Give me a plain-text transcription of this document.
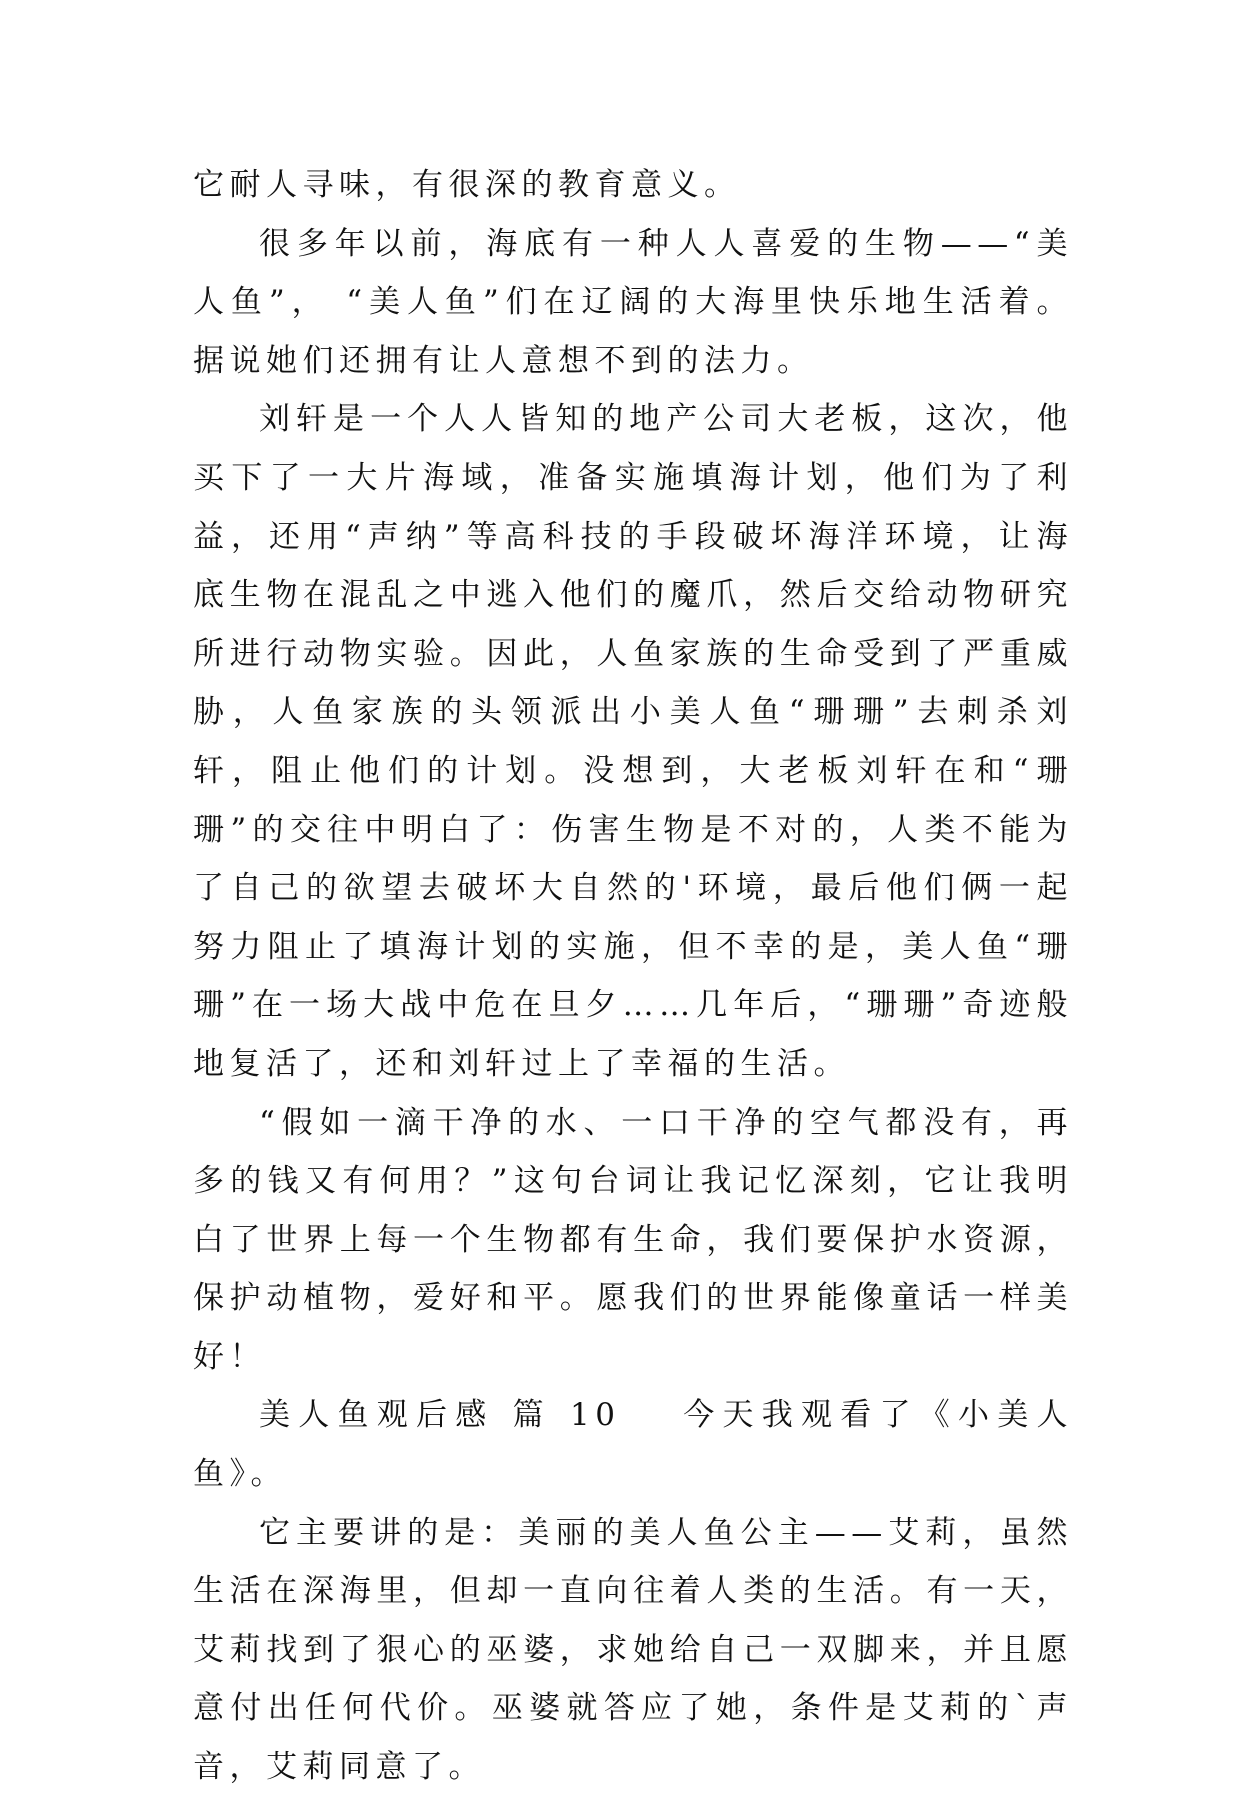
它耐人寻味，有很深的教育意义。

很多年以前，海底有一种人人喜爱的生物——“美人鱼”， “美人鱼”们在辽阔的大海里快乐地生活着。据说她们还拥有让人意想不到的法力。

刘轩是一个人人皆知的地产公司大老板，这次，他买下了一大片海域，准备实施填海计划，他们为了利益，还用“声纳”等高科技的手段破坏海洋环境，让海底生物在混乱之中逃入他们的魔爪，然后交给动物研究所进行动物实验。因此，人鱼家族的生命受到了严重威胁，人鱼家族的头领派出小美人鱼“珊珊”去刺杀刘轩，阻止他们的计划。没想到，大老板刘轩在和“珊珊”的交往中明白了：伤害生物是不对的，人类不能为了自己的欲望去破坏大自然的'环境，最后他们俩一起努力阻止了填海计划的实施，但不幸的是，美人鱼“珊珊”在一场大战中危在旦夕……几年后，“珊珊”奇迹般地复活了，还和刘轩过上了幸福的生活。

“假如一滴干净的水、一口干净的空气都没有，再多的钱又有何用？”这句台词让我记忆深刻，它让我明白了世界上每一个生物都有生命，我们要保护水资源，保护动植物，爱好和平。愿我们的世界能像童话一样美好！

美人鱼观后感 篇 10 今天我观看了《小美人鱼》。

它主要讲的是：美丽的美人鱼公主——艾莉，虽然生活在深海里，但却一直向往着人类的生活。有一天，艾莉找到了狠心的巫婆，求她给自己一双脚来，并且愿意付出任何代价。巫婆就答应了她，条件是艾莉的`声音，艾莉同意了。
